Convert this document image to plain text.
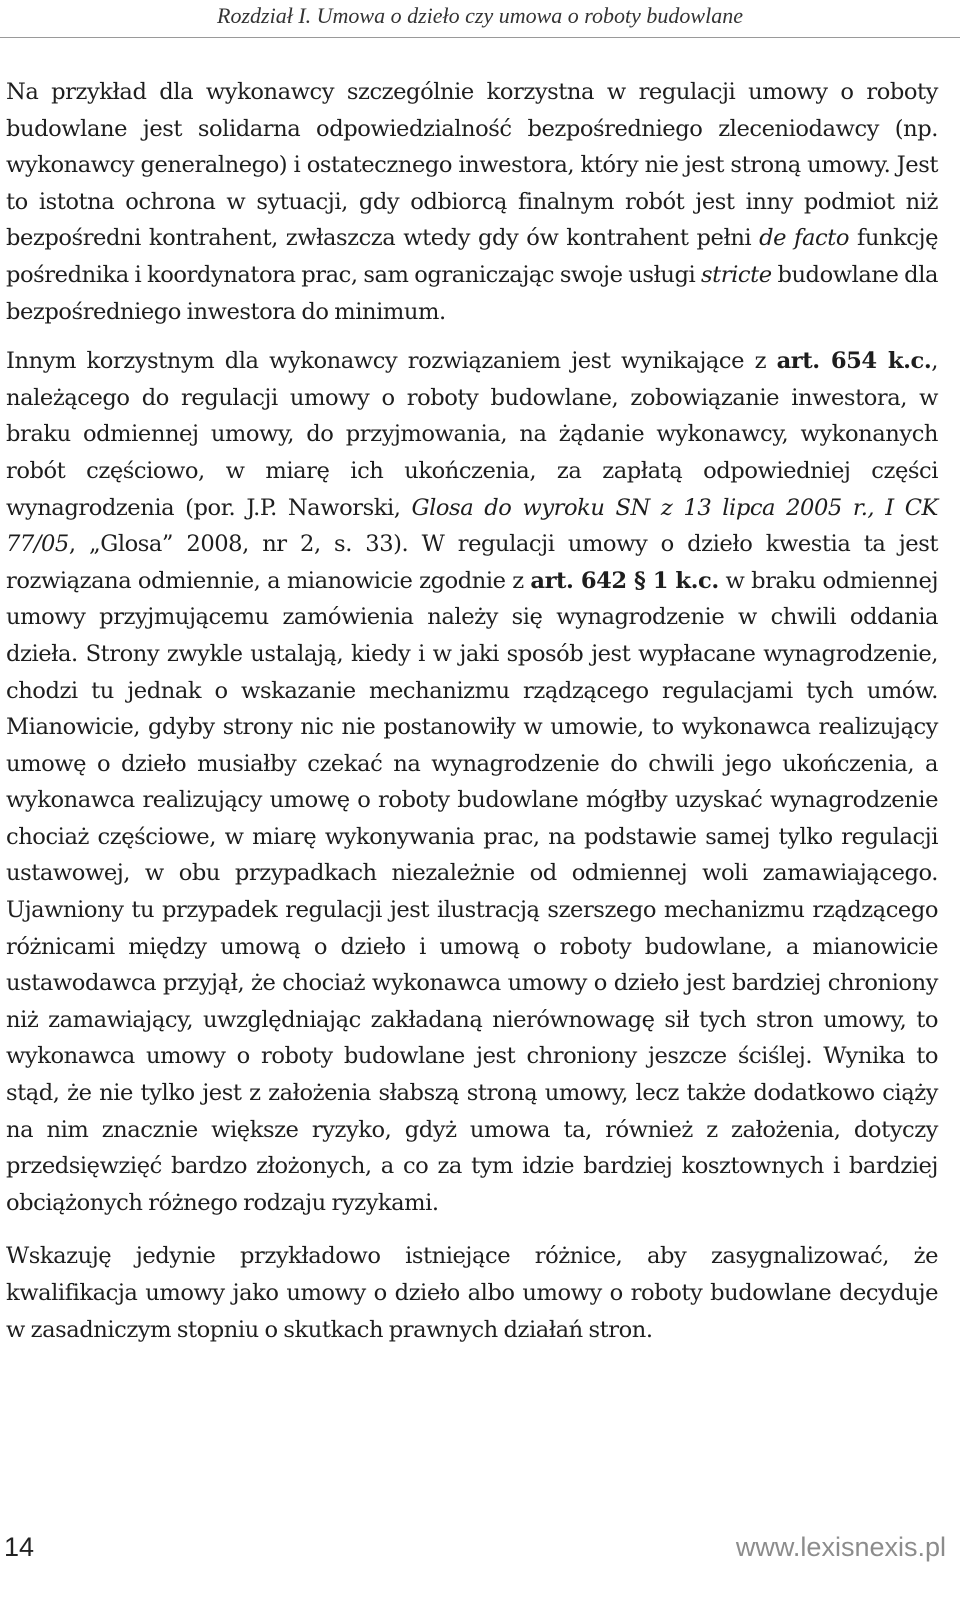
Rozdział I. Umowa o dzieło czy umowa o roboty budowlane

Na przykład dla wykonawcy szczególnie korzystna w regulacji umowy o roboty budowlane jest solidarna odpowiedzialność bezpośredniego zleceniodawcy (np. wykonawcy generalnego) i ostatecznego inwestora, który nie jest stroną umowy. Jest to istotna ochrona w sytuacji, gdy odbiorcą finalnym robót jest inny podmiot niż bezpośredni kontrahent, zwłaszcza wtedy gdy ów kontrahent pełni de facto funkcję pośrednika i koordynatora prac, sam ograniczając swoje usługi stricte budowlane dla bezpośredniego inwestora do minimum.

Innym korzystnym dla wykonawcy rozwiązaniem jest wynikające z art. 654 k.c., należącego do regulacji umowy o roboty budowlane, zobowiązanie inwestora, w braku odmiennej umowy, do przyjmowania, na żądanie wykonawcy, wykonanych robót częściowo, w miarę ich ukończenia, za zapłatą odpowiedniej części wynagrodzenia (por. J.P. Naworski, Glosa do wyroku SN z 13 lipca 2005 r., I CK 77/05, „Glosa” 2008, nr 2, s. 33). W regulacji umowy o dzieło kwestia ta jest rozwiązana odmiennie, a mianowicie zgodnie z art. 642 § 1 k.c. w braku odmiennej umowy przyjmującemu zamówienia należy się wynagrodzenie w chwili oddania dzieła. Strony zwykle ustalają, kiedy i w jaki sposób jest wypłacane wynagrodzenie, chodzi tu jednak o wskazanie mechanizmu rządzącego regulacjami tych umów. Mianowicie, gdyby strony nic nie postanowiły w umowie, to wykonawca realizujący umowę o dzieło musiałby czekać na wynagrodzenie do chwili jego ukończenia, a wykonawca realizujący umowę o roboty budowlane mógłby uzyskać wynagrodzenie chociaż częściowe, w miarę wykonywania prac, na podstawie samej tylko regulacji ustawowej, w obu przypadkach niezależnie od odmiennej woli zamawiającego. Ujawniony tu przypadek regulacji jest ilustracją szerszego mechanizmu rządzącego różnicami między umową o dzieło i umową o roboty budowlane, a mianowicie ustawodawca przyjął, że chociaż wykonawca umowy o dzieło jest bardziej chroniony niż zamawiający, uwzględniając zakładaną nierównowagę sił tych stron umowy, to wykonawca umowy o roboty budowlane jest chroniony jeszcze ściślej. Wynika to stąd, że nie tylko jest z założenia słabszą stroną umowy, lecz także dodatkowo ciąży na nim znacznie większe ryzyko, gdyż umowa ta, również z założenia, dotyczy przedsięwzięć bardzo złożonych, a co za tym idzie bardziej kosztownych i bardziej obciążonych różnego rodzaju ryzykami.

Wskazuję jedynie przykładowo istniejące różnice, aby zasygnalizować, że kwalifikacja umowy jako umowy o dzieło albo umowy o roboty budowlane decyduje w zasadniczym stopniu o skutkach prawnych działań stron.

14	www.lexisnexis.pl
